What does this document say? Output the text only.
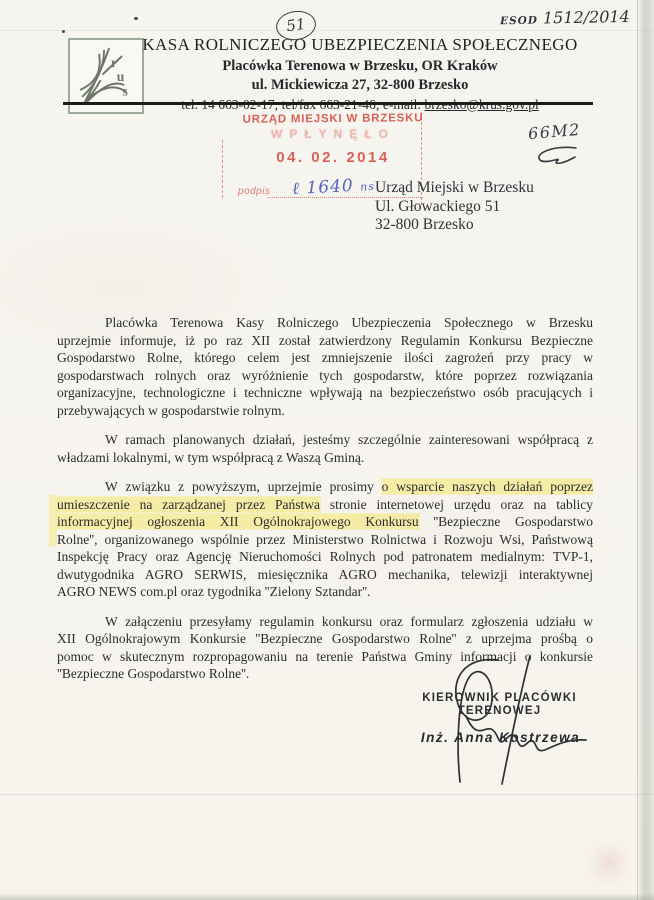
r
u
s
KASA ROLNICZEGO UBEZPIECZENIA SPOŁECZNEGO
Placówka Terenowa w Brzesku, OR Kraków
ul. Mickiewicza 27, 32-800 Brzesko
ESOD 1512/2014
51
66M2
URZĄD MIEJSKI W BRZESKU
WPŁYNĘŁO
04. 02. 2014
podpis ℓ 1640 ns Urząd Miejski w Brzesku
Ul. Głowackiego 51
32-800 Brzesko
Placówka Terenowa Kasy Rolniczego Ubezpieczenia Społecznego w Brzesku
uprzejmie informuje, iż po raz XII został zatwierdzony Regulamin Konkursu Bezpieczne
Gospodarstwo Rolne, którego celem jest zmniejszenie ilości zagrożeń przy pracy w
gospodarstwach rolnych oraz wyróżnienie tych gospodarstw, które poprzez rozwiązania
organizacyjne, technologiczne i techniczne wpływają na bezpieczeństwo osób pracujących i
przebywających w gospodarstwie rolnym.
W ramach planowanych działań, jesteśmy szczególnie zainteresowani współpracą z
władzami lokalnymi, w tym współpracą z Waszą Gminą.
W związku z powyższym, uprzejmie prosimy o wsparcie naszych działań poprzez
umieszczenie na zarządzanej przez Państwa stronie internetowej urzędu oraz na tablicy
informacyjnej ogłoszenia XII Ogólnokrajowego Konkursu ''Bezpieczne Gospodarstwo
Rolne'', organizowanego wspólnie przez Ministerstwo Rolnictwa i Rozwoju Wsi, Państwową
Inspekcję Pracy oraz Agencję Nieruchomości Rolnych pod patronatem medialnym: TVP-1,
dwutygodnika AGRO SERWIS, miesięcznika AGRO mechanika, telewizji interaktywnej
AGRO NEWS com.pl oraz tygodnika ''Zielony Sztandar''.
W załączeniu przesyłamy regulamin konkursu oraz formularz zgłoszenia udziału w
XII Ogólnokrajowym Konkursie ''Bezpieczne Gospodarstwo Rolne'' z uprzejma prośbą o
pomoc w skutecznym rozpropagowaniu na terenie Państwa Gminy informacji o konkursie
''Bezpieczne Gospodarstwo Rolne''.
KIEROWNIK PLACÓWKI
TERENOWEJ
Inż. Anna Kostrzewa
